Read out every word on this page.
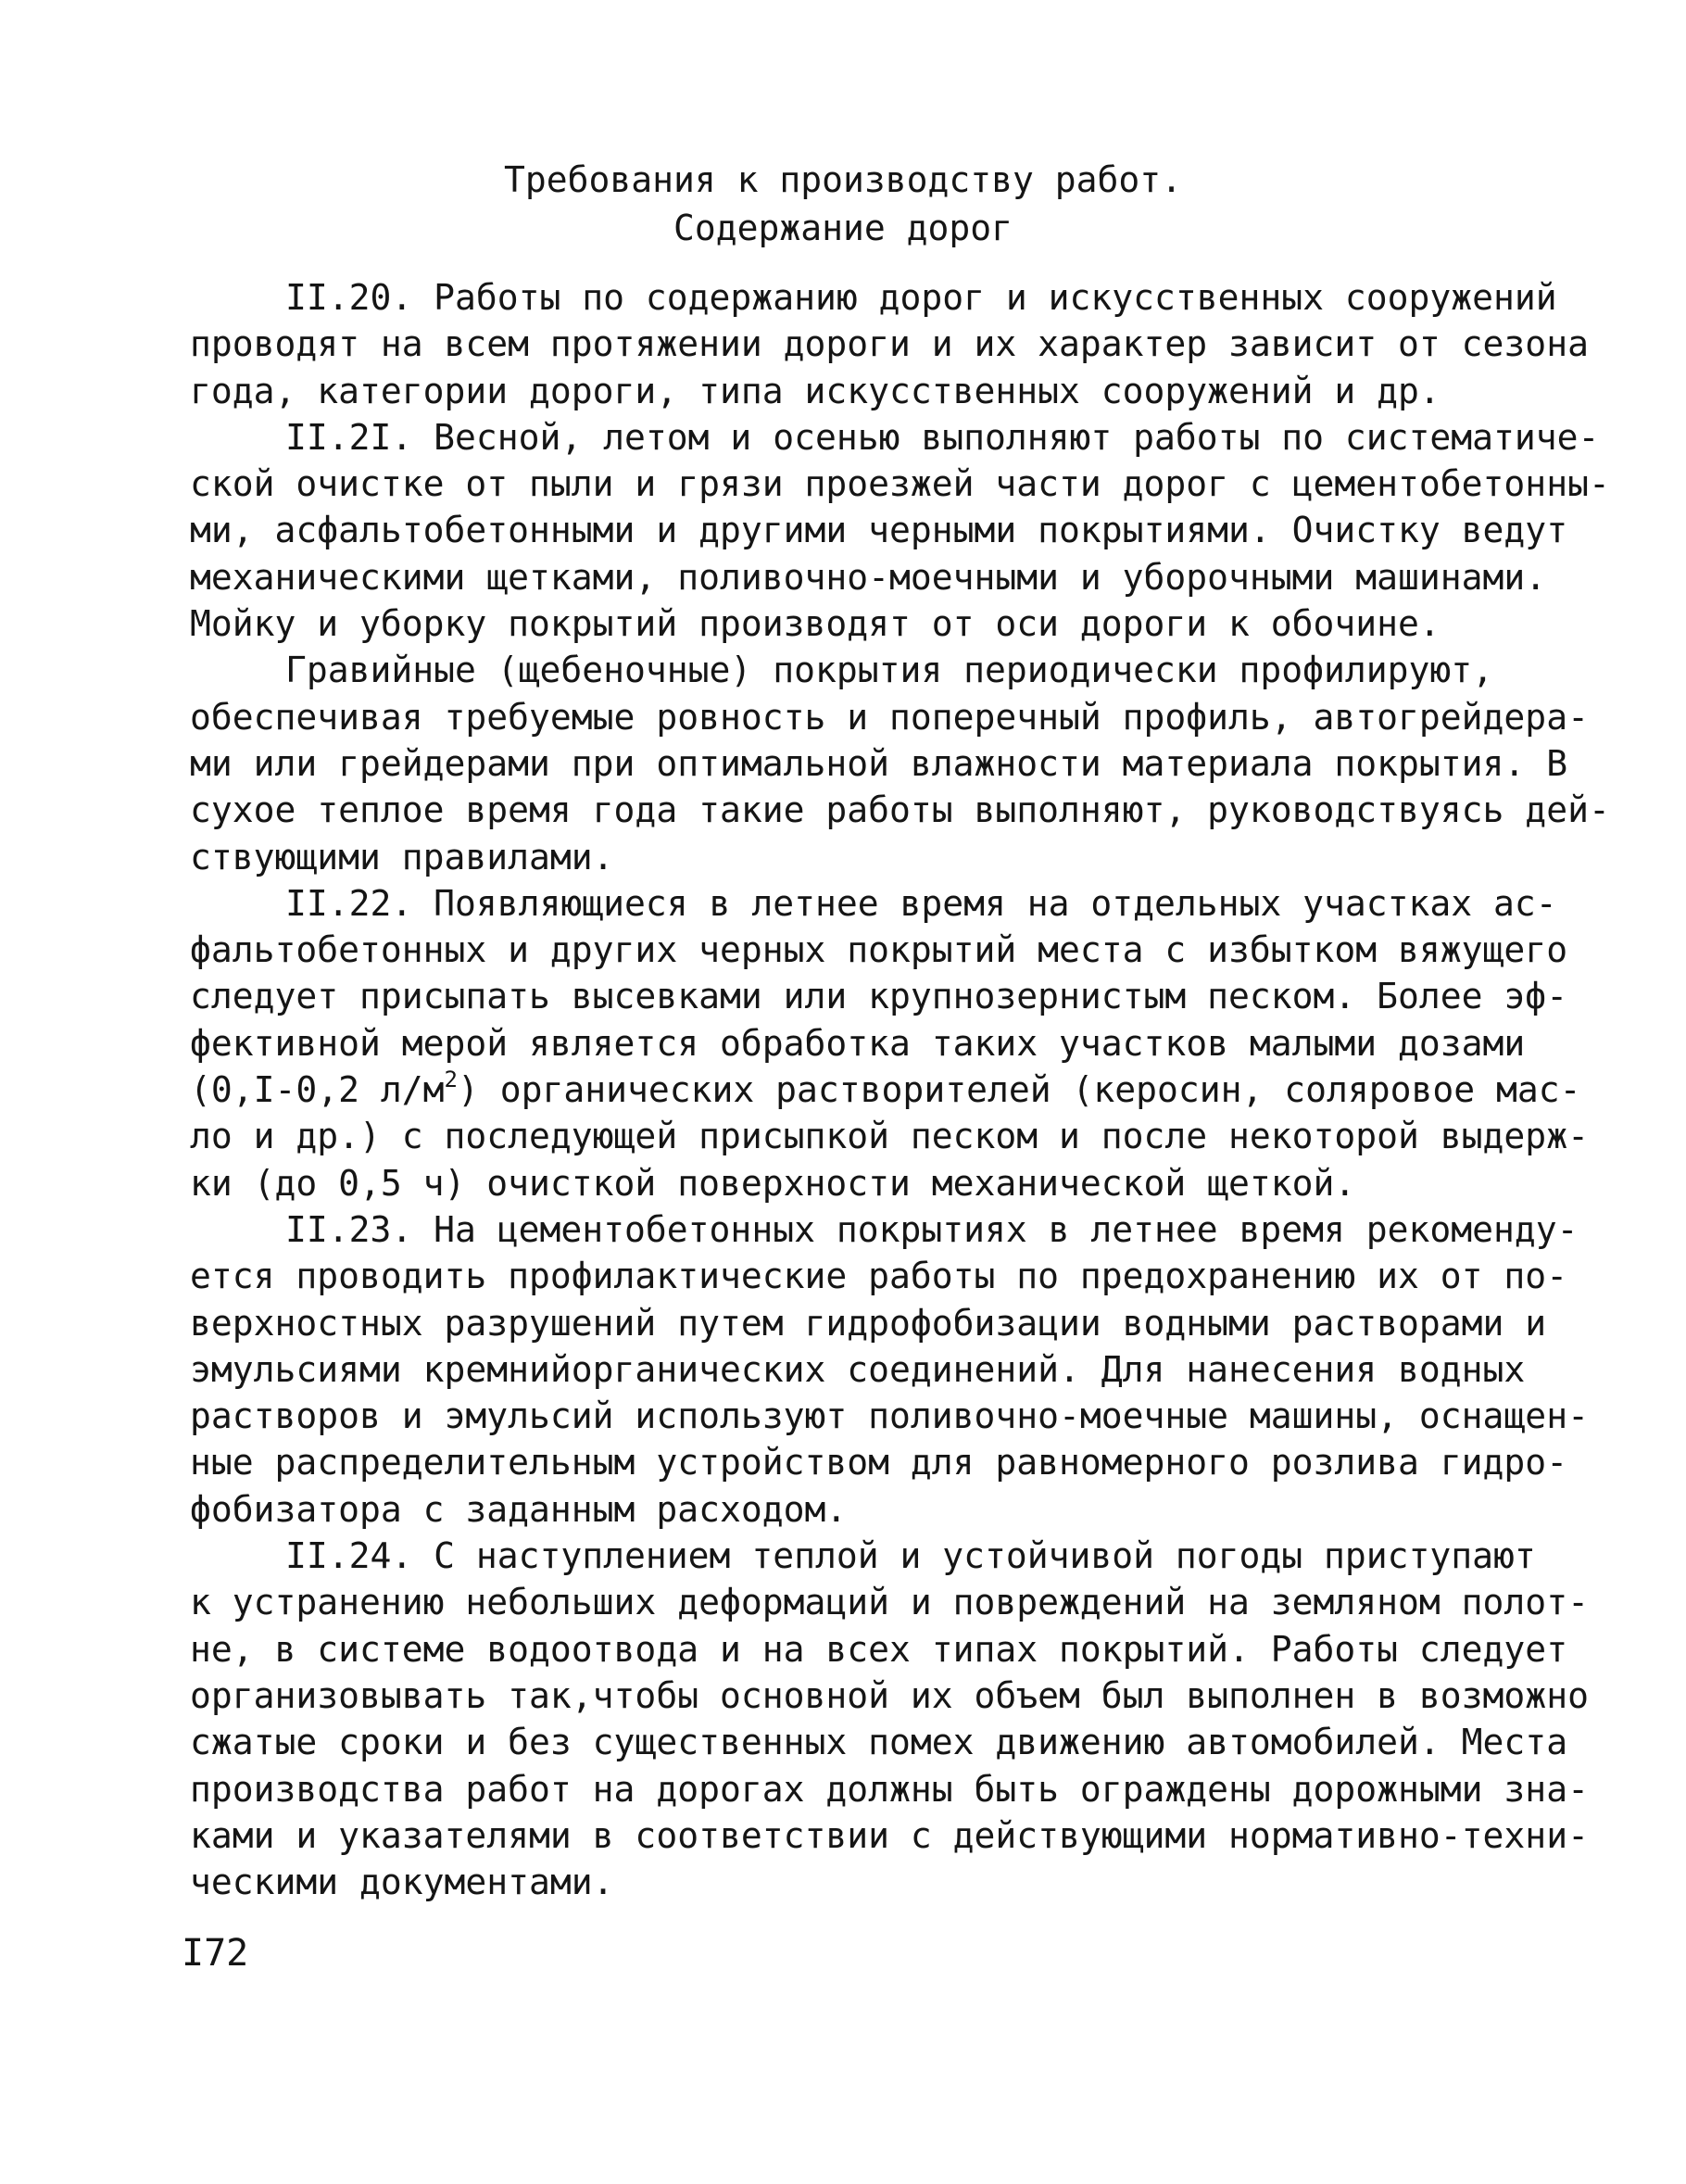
Требования к производству работ.
Содержание дорог
II.20. Работы по содержанию дорог и искусственных сооружений
проводят на всем протяжении дороги и их характер зависит от сезона
года, категории дороги, типа искусственных сооружений и др.
II.2I. Весной, летом и осенью выполняют работы по систематиче-
ской очистке от пыли и грязи проезжей части дорог с цементобетонны-
ми, асфальтобетонными и другими черными покрытиями. Очистку ведут
механическими щетками, поливочно-моечными и уборочными машинами.
Мойку и уборку покрытий производят от оси дороги к обочине.
Гравийные (щебеночные) покрытия периодически профилируют,
обеспечивая требуемые ровность и поперечный профиль, автогрейдера-
ми или грейдерами при оптимальной влажности материала покрытия. В
сухое теплое время года такие работы выполняют, руководствуясь дей-
ствующими правилами.
II.22. Появляющиеся в летнее время на отдельных участках ас-
фальтобетонных и других черных покрытий места с избытком вяжущего
следует присыпать высевками или крупнозернистым песком. Более эф-
фективной мерой является обработка таких участков малыми дозами
(0,I-0,2 $л/м^2$) органических растворителей (керосин, соляровое мас-
ло и др.) с последующей присыпкой песком и после некоторой выдерж-
ки (до 0,5 ч) очисткой поверхности механической щеткой.
II.23. На цементобетонных покрытиях в летнее время рекоменду-
ется проводить профилактические работы по предохранению их от по-
верхностных разрушений путем гидрофобизации водными растворами и
эмульсиями кремнийорганических соединений. Для нанесения водных
растворов и эмульсий используют поливочно-моечные машины, оснащен-
ные распределительным устройством для равномерного розлива гидро-
фобизатора с заданным расходом.
II.24. С наступлением теплой и устойчивой погоды приступают
к устранению небольших деформаций и повреждений на земляном полот-
не, в системе водоотвода и на всех типах покрытий. Работы следует
организовывать так,чтобы основной их объем был выполнен в возможно
сжатые сроки и без существенных помех движению автомобилей. Места
производства работ на дорогах должны быть ограждены дорожными зна-
ками и указателями в соответствии с действующими нормативно-техни-
ческими документами.
I72
